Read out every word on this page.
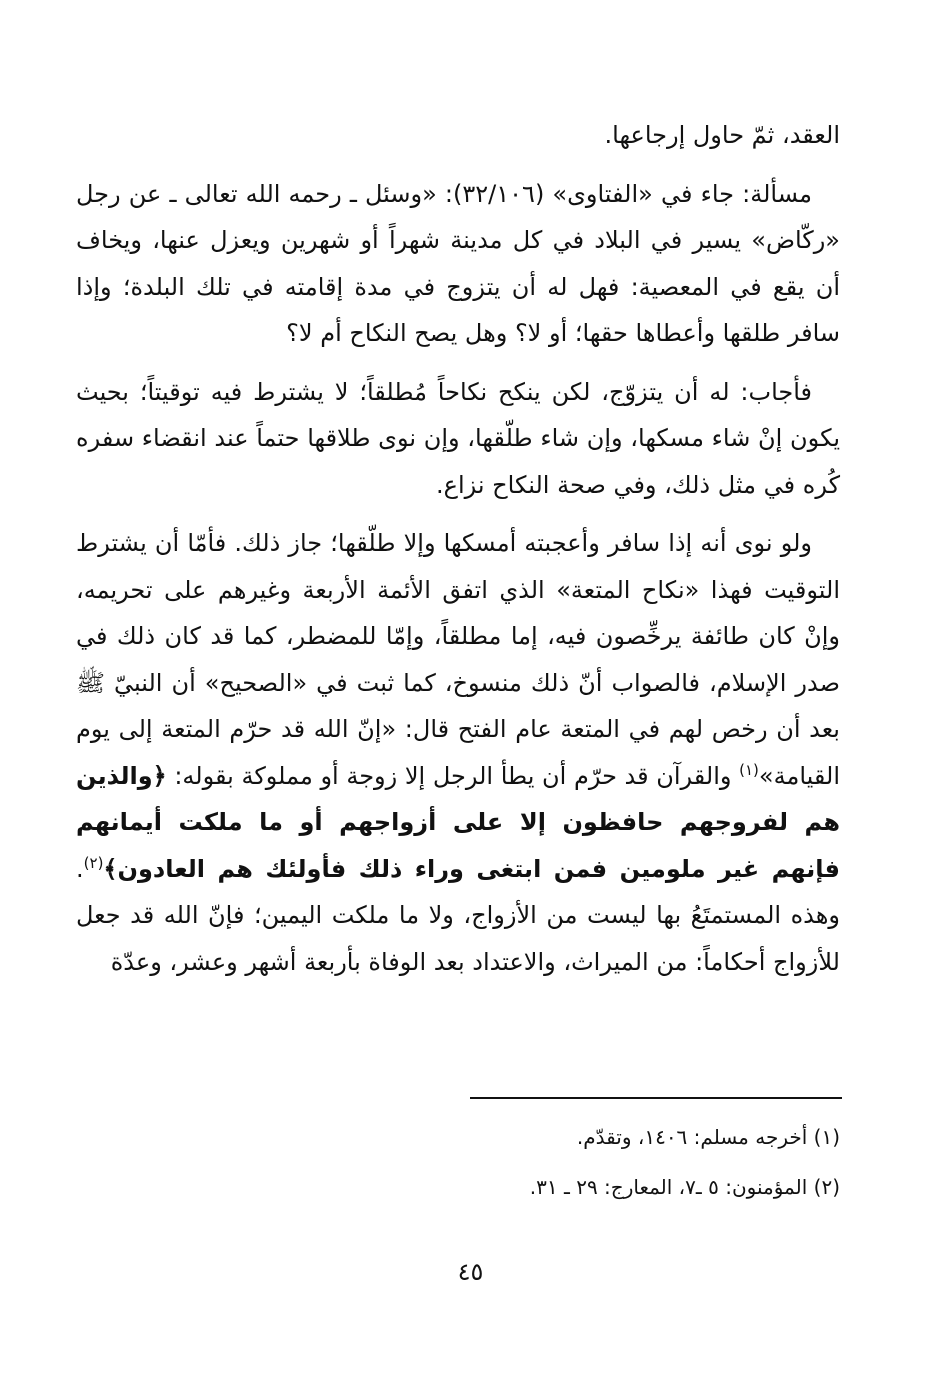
العقد، ثمّ حاول إرجاعها.

مسألة: جاء في «الفتاوى» (٣٢/١٠٦): «وسئل ـ رحمه الله تعالى ـ عن رجل «ركّاض» يسير في البلاد في كل مدينة شهراً أو شهرين ويعزل عنها، ويخاف أن يقع في المعصية: فهل له أن يتزوج في مدة إقامته في تلك البلدة؛ وإذا سافر طلقها وأعطاها حقها؛ أو لا؟ وهل يصح النكاح أم لا؟

فأجاب: له أن يتزوّج، لكن ينكح نكاحاً مُطلقاً؛ لا يشترط فيه توقيتاً؛ بحيث يكون إنْ شاء مسكها، وإن شاء طلّقها، وإن نوى طلاقها حتماً عند انقضاء سفره كُره في مثل ذلك، وفي صحة النكاح نزاع.

ولو نوى أنه إذا سافر وأعجبته أمسكها وإلا طلّقها؛ جاز ذلك. فأمّا أن يشترط التوقيت فهذا «نكاح المتعة» الذي اتفق الأئمة الأربعة وغيرهم على تحريمه، وإنْ كان طائفة يرخِّصون فيه، إما مطلقاً، وإمّا للمضطر، كما قد كان ذلك في صدر الإسلام، فالصواب أنّ ذلك منسوخ، كما ثبت في «الصحيح» أن النبيّ ﷺ بعد أن رخص لهم في المتعة عام الفتح قال: «إنّ الله قد حرّم المتعة إلى يوم القيامة»$^{(١)}$ والقرآن قد حرّم أن يطأ الرجل إلا زوجة أو مملوكة بقوله: ﴿والذين هم لفروجهم حافظون إلا على أزواجهم أو ما ملكت أيمانهم فإنهم غير ملومين فمن ابتغى وراء ذلك فأولئك هم العادون﴾$^{(٢)}$. وهذه المستمتَعُ بها ليست من الأزواج، ولا ما ملكت اليمين؛ فإنّ الله قد جعل للأزواج أحكاماً: من الميراث، والاعتداد بعد الوفاة بأربعة أشهر وعشر، وعدّة

(١) أخرجه مسلم: ١٤٠٦، وتقدّم.
(٢) المؤمنون: ٥ ـ٧، المعارج: ٢٩ ـ ٣١.
٤٥
